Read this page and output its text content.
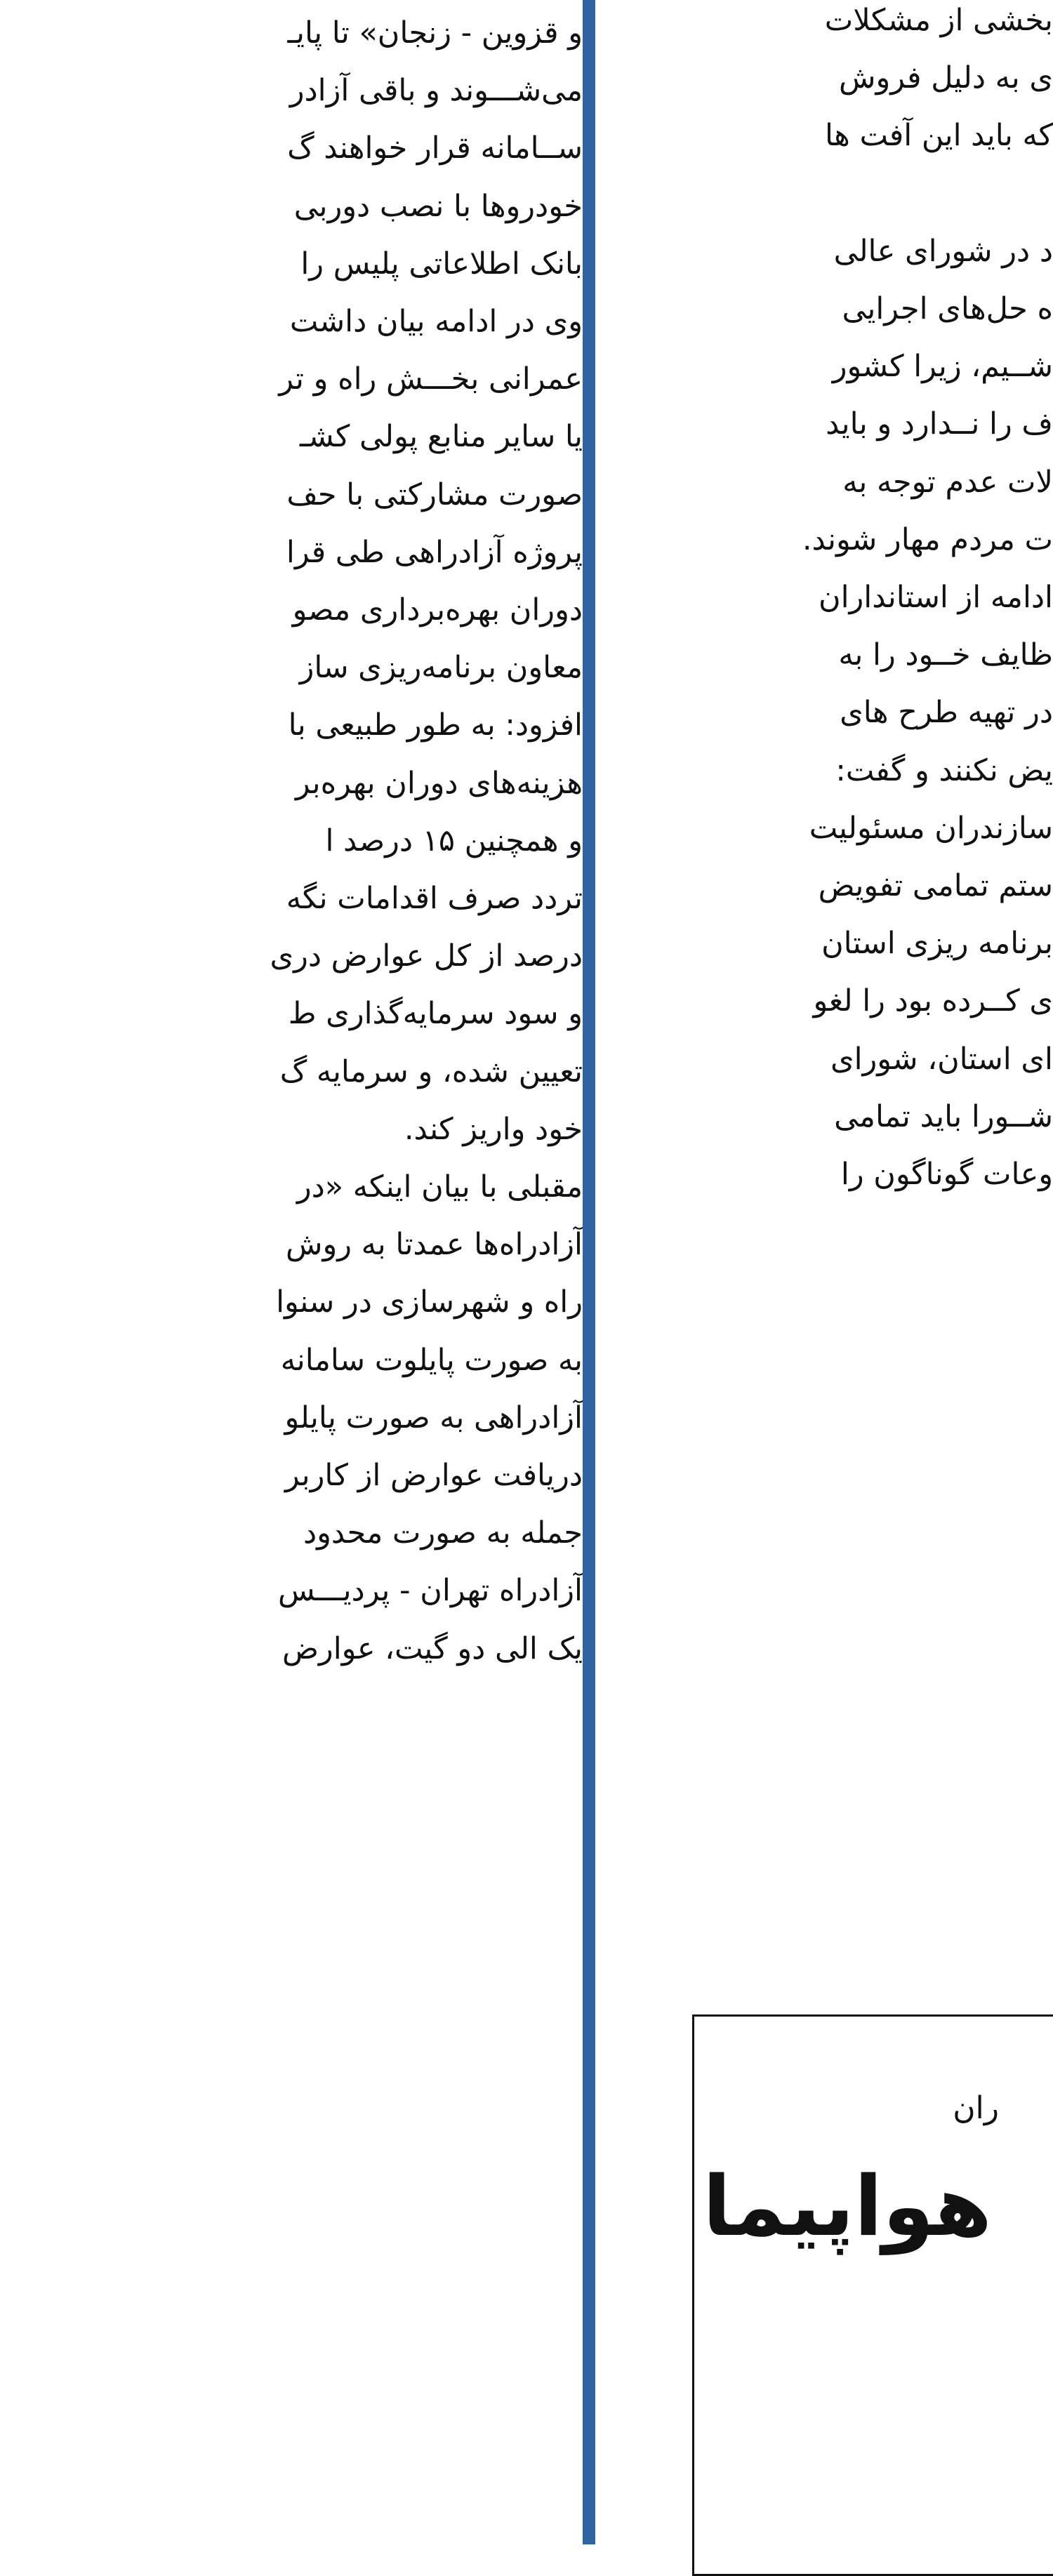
بخشی از مشکلات

ی به دلیل فروش

که باید این آفت ها

د در شورای عالی

ه حل‌های اجرایی

شــیم، زیرا کشور

ف را نــدارد و باید

لات عدم توجه به

ت مردم مهار شوند.

ادامه از استانداران

ظایف خــود را به

در تهیه طرح های

یض نکنند و گفت:

سازندران مسئولیت

ستم تمامی تفویض

برنامه ریزی استان

ی کــرده بود را لغو

ای استان، شورای

شــورا باید تمامی

وعات گوناگون را

و قزوین - زنجان» تا پایـ

می‌شـــوند و باقی آزادر

ســامانه قرار خواهند گ

خودروها با نصب دوربی

بانک اطلاعاتی پلیس را

وی در ادامه بیان داشت

عمرانی بخـــش راه و تر

یا سایر منابع پولی کشـ

صورت مشارکتی با حف

پروژه آزادراهی طی قرا

دوران بهره‌برداری مصو

معاون برنامه‌ریزی ساز

افزود: به طور طبیعی با

هزینه‌های دوران بهره‌بر

و همچنین ۱۵ درصد ا

تردد صرف اقدامات نگه

درصد از کل عوارض دری

و سود سرمایه‌گذاری ط

تعیین شده، و سرمایه گ

خود واریز کند.

مقبلی با بیان اینکه «در

آزادراه‌ها عمدتا به روش

راه و شهرسازی در سنوا

به صورت پایلوت سامانه

آزادراهی به صورت پایلو

دریافت عوارض از کاربر

جمله به صورت محدود

آزادراه تهران - پردیـــس

یک الی دو گیت، عوارض

ران
هواپیما
